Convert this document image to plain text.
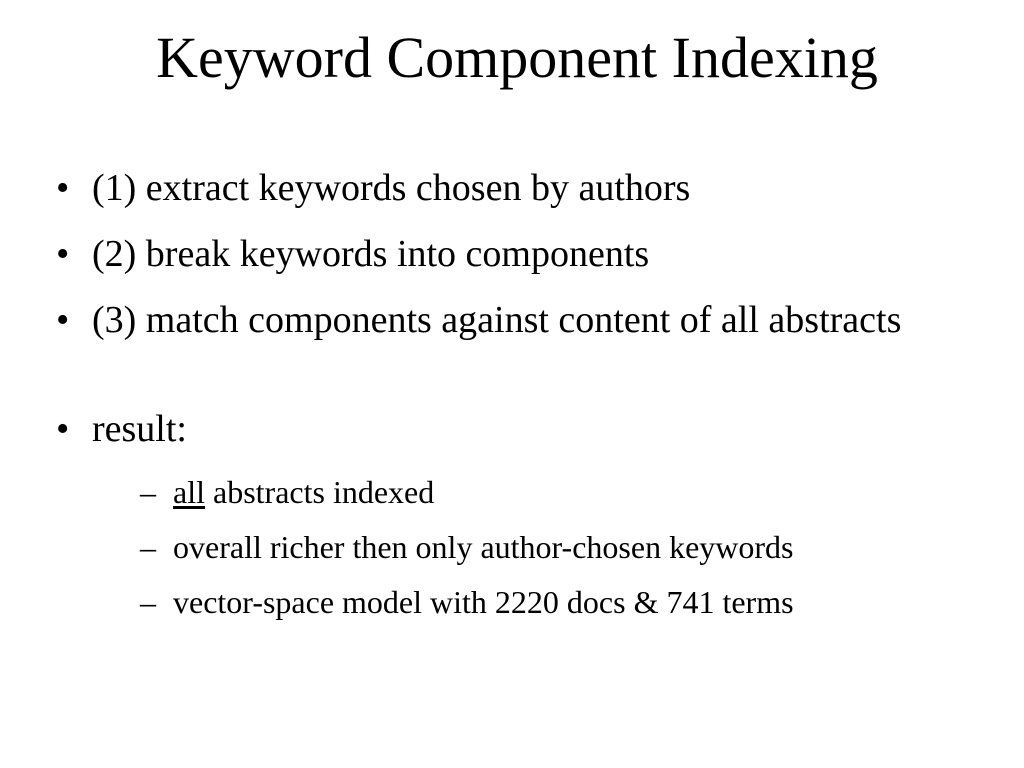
Keyword Component Indexing
• (1) extract keywords chosen by authors
• (2) break keywords into components
• (3) match components against content of all abstracts
• result:
– all abstracts indexed
– overall richer then only author-chosen keywords
– vector-space model with 2220 docs & 741 terms
